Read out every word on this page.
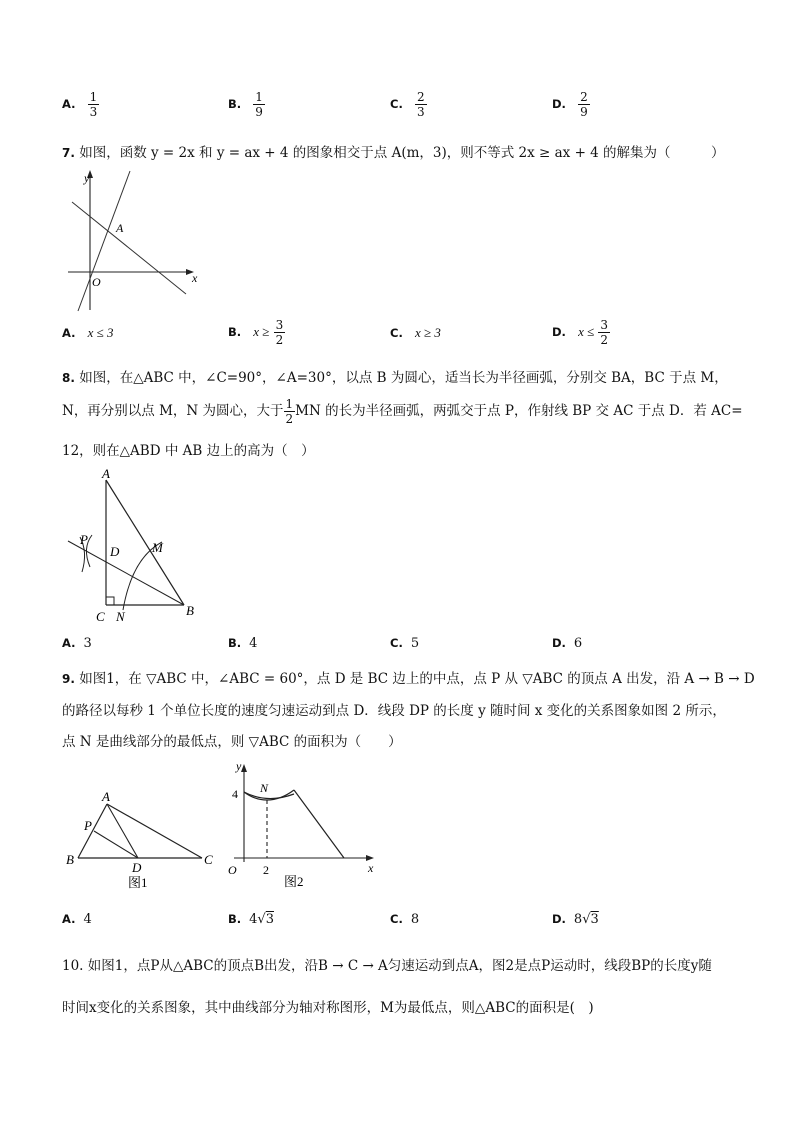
A. $\frac{1}{3}$	B. $\frac{1}{9}$	C. $\frac{2}{3}$	D. $\frac{2}{9}$
7. 如图，函数 y = 2x 和 y = ax + 4 的图象相交于点 A(m，3)，则不等式 2x ≥ ax + 4 的解集为（　　　）
y
x
O
A
A. x ≤ 3	B. $x \ge \frac{3}{2}$	C. x ≥ 3	D. $x \le \frac{3}{2}$
8. 如图，在△ABC 中，∠C=90°，∠A=30°，以点 B 为圆心，适当长为半径画弧，分别交 BA，BC 于点 M，
N，再分别以点 M，N 为圆心，大于 $\frac{1}{2}$ MN 的长为半径画弧，两弧交于点 P，作射线 BP 交 AC 于点 D．若 AC=
12，则在△ABD 中 AB 边上的高为（　）
A
B
C
D	M
N
P
A. 3	B. 4	C. 5	D. 6
9. 如图1，在 ▽ABC 中，∠ABC = 60°，点 D 是 BC 边上的中点，点 P 从 ▽ABC 的顶点 A 出发，沿 A → B → D
的路径以每秒 1 个单位长度的速度匀速运动到点 D．线段 DP 的长度 y 随时间 x 变化的关系图象如图 2 所示，
点 N 是曲线部分的最低点，则 ▽ABC 的面积为（　　）
A
B	C
D
P
图1
y
x
O
4
2
N
图2
A. 4	B. 4√3	C. 8	D. 8√3
10. 如图1，点P从△ABC的顶点B出发，沿B → C → A匀速运动到点A，图2是点P运动时，线段BP的长度y随
时间x变化的关系图象，其中曲线部分为轴对称图形，M为最低点，则△ABC的面积是(　)
